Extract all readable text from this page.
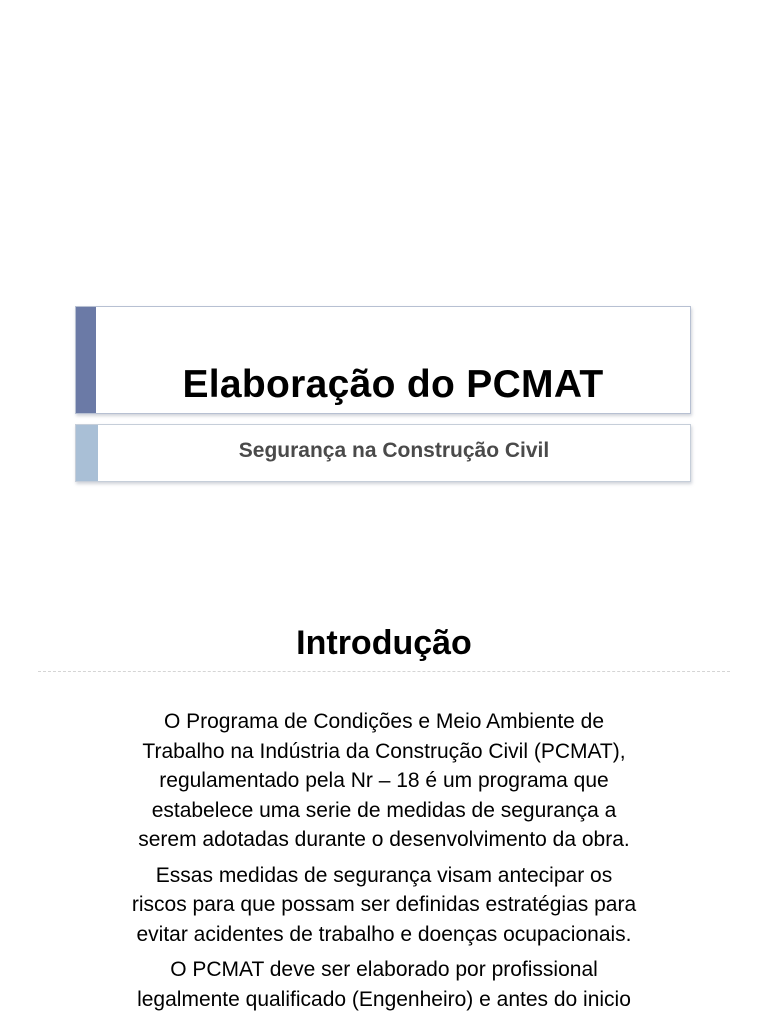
Elaboração do PCMAT
Segurança na Construção Civil
Introdução

O Programa de Condições e Meio Ambiente de
Trabalho na Indústria da Construção Civil (PCMAT),
regulamentado pela Nr – 18 é um programa que
estabelece uma serie de medidas de segurança a
serem adotadas durante o desenvolvimento da obra.

Essas medidas de segurança visam antecipar os
riscos para que possam ser definidas estratégias para
evitar acidentes de trabalho e doenças ocupacionais.

O PCMAT deve ser elaborado por profissional
legalmente qualificado (Engenheiro) e antes do inicio
